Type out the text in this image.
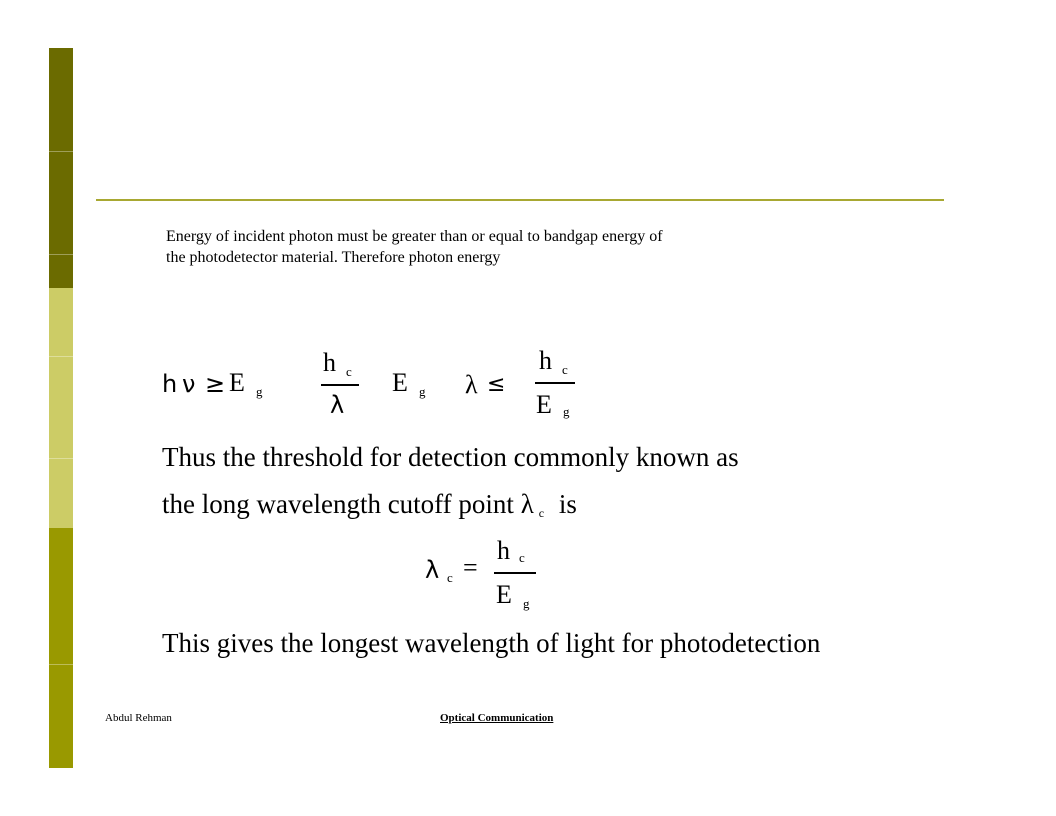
Energy of incident photon must be greater than or equal to bandgap energy of
the photodetector material. Therefore photon energy
h ν ≥ E g
h c
λ
E g λ ≤
h c
E g
Thus the threshold for detection commonly known as
the long wavelength cutoff point λ c is
λ c =
h c
E g
This gives the longest wavelength of light for photodetection
Abdul Rehman	Optical Communication
